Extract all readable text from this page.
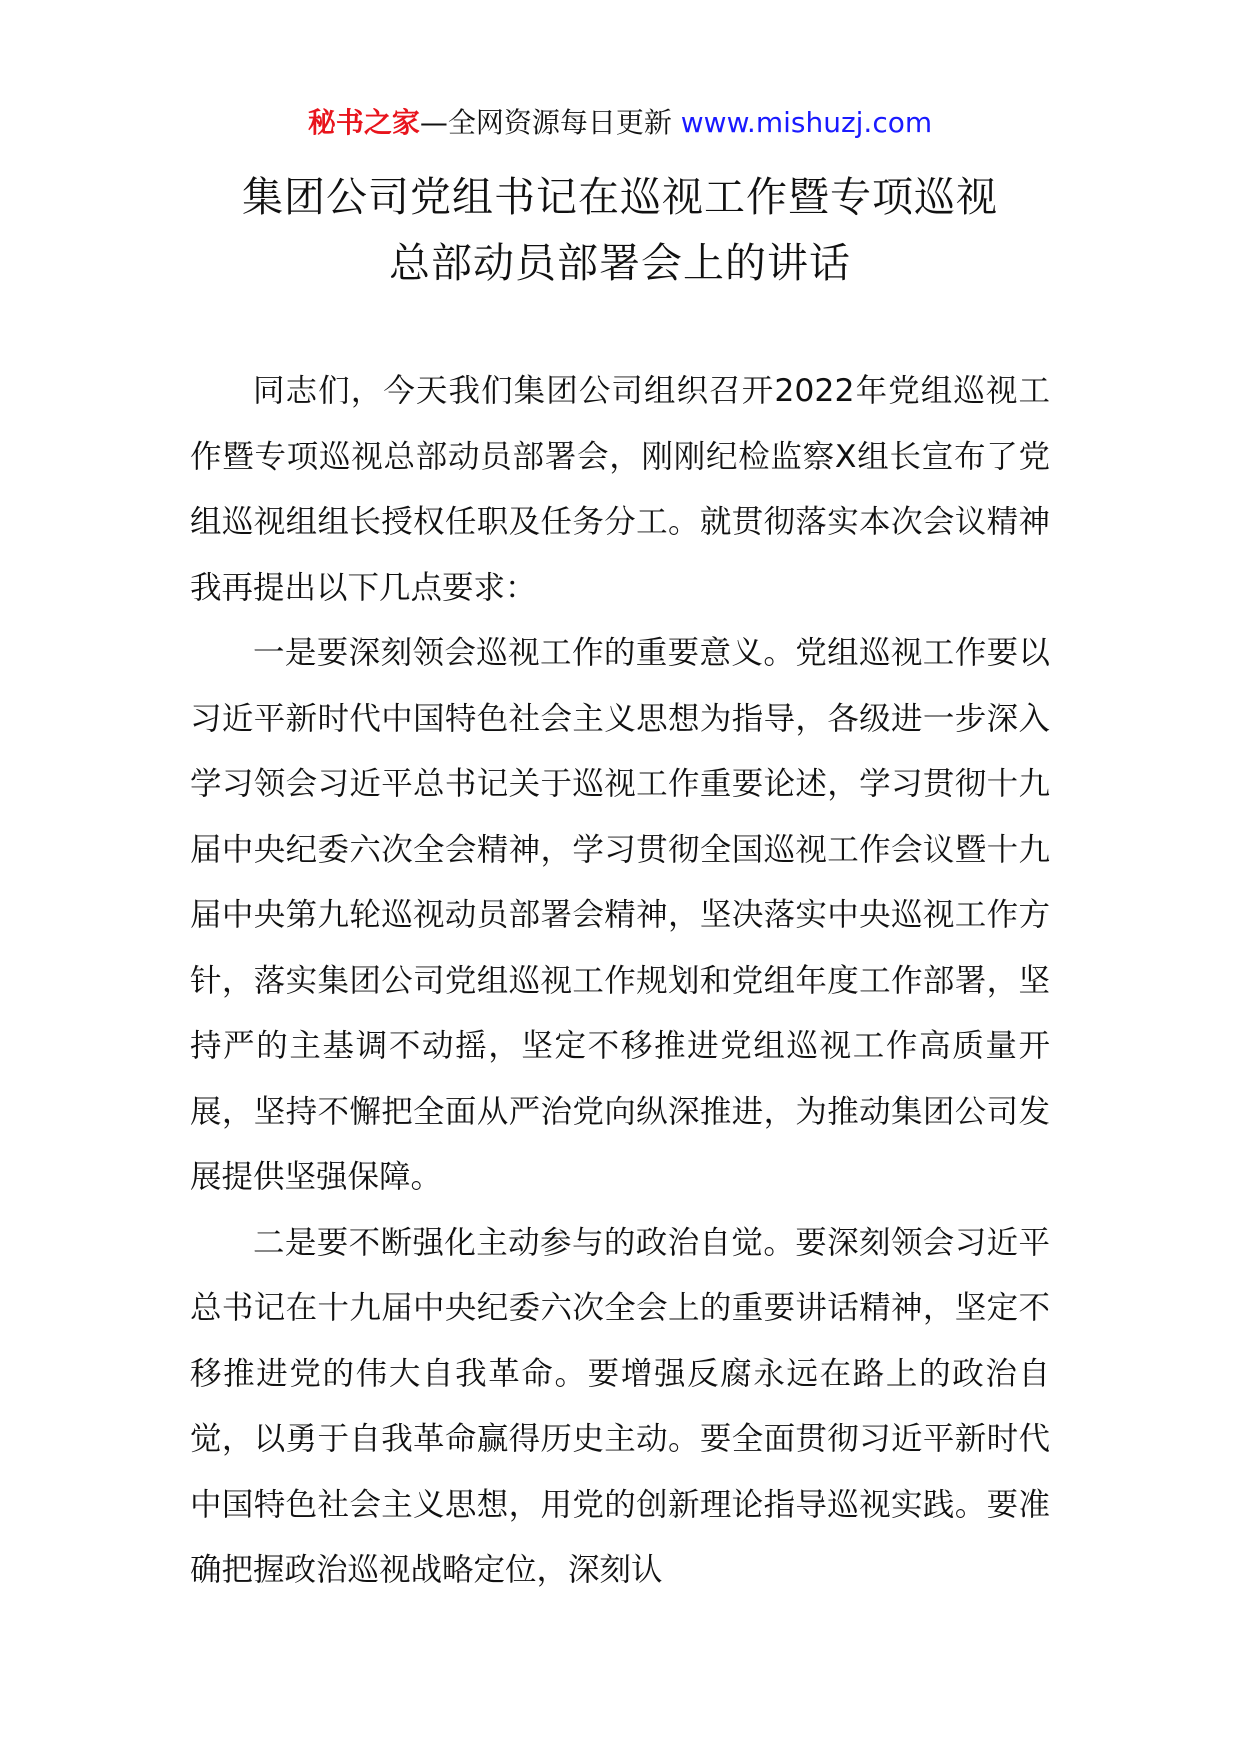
秘书之家—全网资源每日更新 www.mishuzj.com
集团公司党组书记在巡视工作暨专项巡视
总部动员部署会上的讲话

同志们，今天我们集团公司组织召开2022年党组巡视工作暨专项巡视总部动员部署会，刚刚纪检监察X组长宣布了党组巡视组组长授权任职及任务分工。就贯彻落实本次会议精神我再提出以下几点要求：

一是要深刻领会巡视工作的重要意义。党组巡视工作要以习近平新时代中国特色社会主义思想为指导，各级进一步深入学习领会习近平总书记关于巡视工作重要论述，学习贯彻十九届中央纪委六次全会精神，学习贯彻全国巡视工作会议暨十九届中央第九轮巡视动员部署会精神，坚决落实中央巡视工作方针，落实集团公司党组巡视工作规划和党组年度工作部署，坚持严的主基调不动摇，坚定不移推进党组巡视工作高质量开展，坚持不懈把全面从严治党向纵深推进，为推动集团公司发展提供坚强保障。

二是要不断强化主动参与的政治自觉。要深刻领会习近平总书记在十九届中央纪委六次全会上的重要讲话精神，坚定不移推进党的伟大自我革命。要增强反腐永远在路上的政治自觉，以勇于自我革命赢得历史主动。要全面贯彻习近平新时代中国特色社会主义思想，用党的创新理论指导巡视实践。要准确把握政治巡视战略定位，深刻认
